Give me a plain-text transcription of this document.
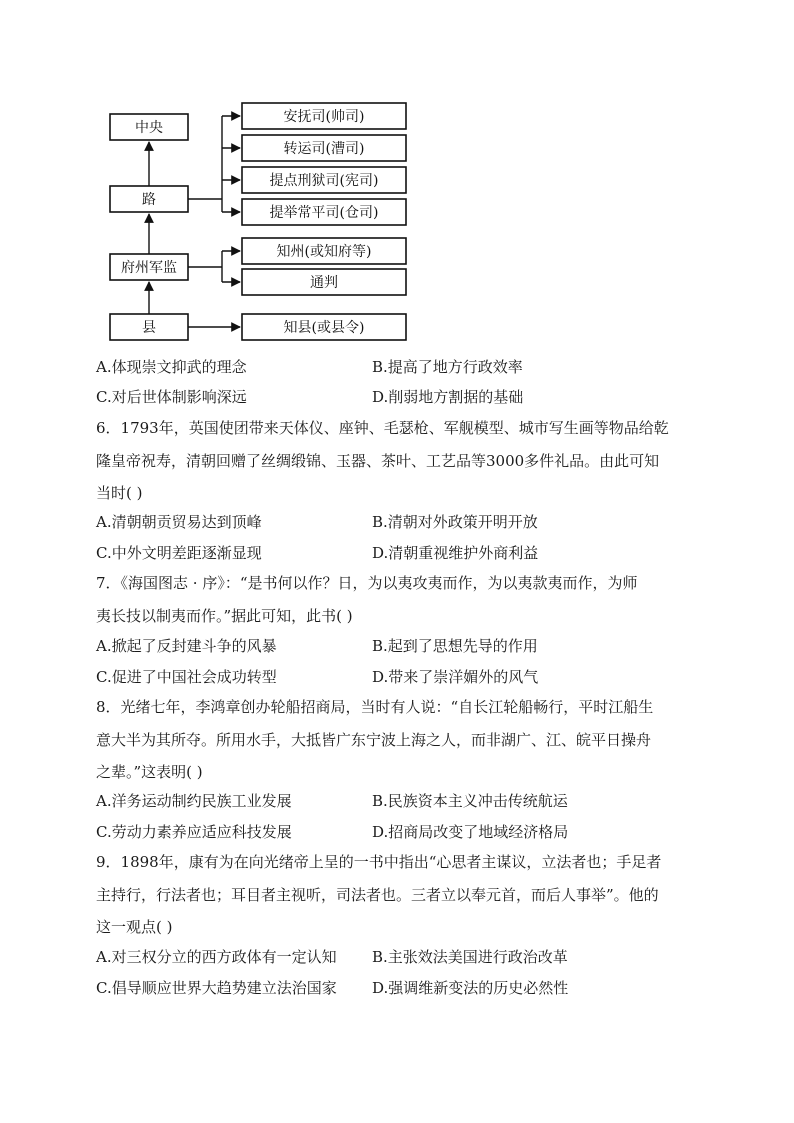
中央
路
府州军监
县
安抚司(帅司)
转运司(漕司)
提点刑狱司(宪司)
提举常平司(仓司)
知州(或知府等)
通判
知县(或县令)
A.体现崇文抑武的理念	B.提高了地方行政效率
C.对后世体制影响深远	D.削弱地方割据的基础
6．1793年，英国使团带来天体仪、座钟、毛瑟枪、军舰模型、城市写生画等物品给乾
隆皇帝祝寿，清朝回赠了丝绸缎锦、玉器、茶叶、工艺品等3000多件礼品。由此可知
当时( )
A.清朝朝贡贸易达到顶峰	B.清朝对外政策开明开放
C.中外文明差距逐渐显现	D.清朝重视维护外商利益
7．《海国图志 · 序》：“是书何以作？日，为以夷攻夷而作，为以夷款夷而作，为师
夷长技以制夷而作。”据此可知，此书( )
A.掀起了反封建斗争的风暴	B.起到了思想先导的作用
C.促进了中国社会成功转型	D.带来了崇洋媚外的风气
8．光绪七年，李鸿章创办轮船招商局，当时有人说：“自长江轮船畅行，平时江船生
意大半为其所夺。所用水手，大抵皆广东宁波上海之人，而非湖广、江、皖平日操舟
之辈。”这表明( )
A.洋务运动制约民族工业发展	B.民族资本主义冲击传统航运
C.劳动力素养应适应科技发展	D.招商局改变了地域经济格局
9．1898年，康有为在向光绪帝上呈的一书中指出“心思者主谋议，立法者也；手足者
主持行，行法者也；耳目者主视听，司法者也。三者立以奉元首，而后人事举”。他的
这一观点( )
A.对三权分立的西方政体有一定认知 B.主张效法美国进行政治改革
C.倡导顺应世界大趋势建立法治国家 D.强调维新变法的历史必然性
